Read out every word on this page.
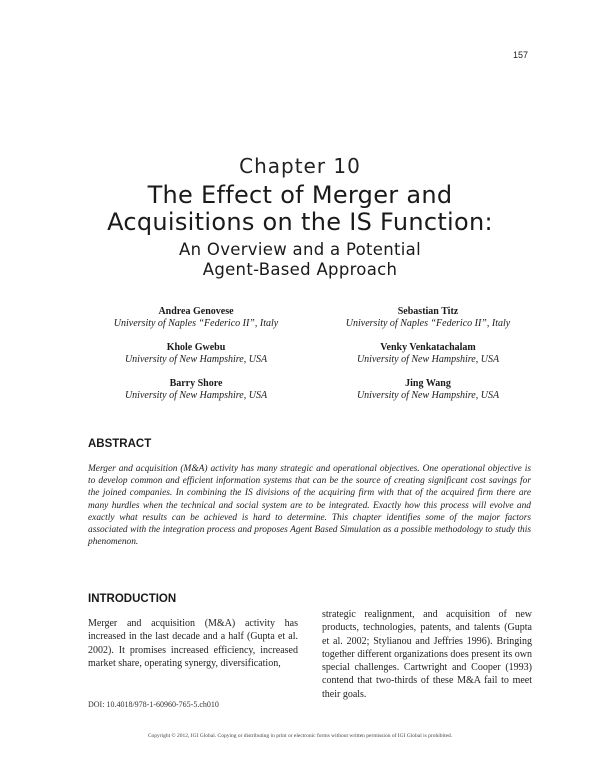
157
Chapter 10
The Effect of Merger and
Acquisitions on the IS Function:
An Overview and a Potential
Agent-Based Approach
Andrea Genovese
University of Naples “Federico II”, Italy
Sebastian Titz
University of Naples “Federico II”, Italy
Khole Gwebu
University of New Hampshire, USA
Venky Venkatachalam
University of New Hampshire, USA
Barry Shore
University of New Hampshire, USA
Jing Wang
University of New Hampshire, USA
ABSTRACT
Merger and acquisition (M&A) activity has many strategic and operational objectives. One operational objective is to develop common and efficient information systems that can be the source of creating significant cost savings for the joined companies. In combining the IS divisions of the acquiring firm with that of the acquired firm there are many hurdles when the technical and social system are to be integrated. Exactly how this process will evolve and exactly what results can be achieved is hard to determine. This chapter identifies some of the major factors associated with the integration process and proposes Agent Based Simulation as a possible methodology to study this phenomenon.
INTRODUCTION
Merger and acquisition (M&A) activity has increased in the last decade and a half (Gupta et al. 2002). It promises increased efficiency, increased market share, operating synergy, diversification,
strategic realignment, and acquisition of new products, technologies, patents, and talents (Gupta et al. 2002; Stylianou and Jeffries 1996). Bringing together different organizations does present its own special challenges. Cartwright and Cooper (1993) contend that two-thirds of these M&A fail to meet their goals.
DOI: 10.4018/978-1-60960-765-5.ch010
Copyright © 2012, IGI Global. Copying or distributing in print or electronic forms without written permission of IGI Global is prohibited.
